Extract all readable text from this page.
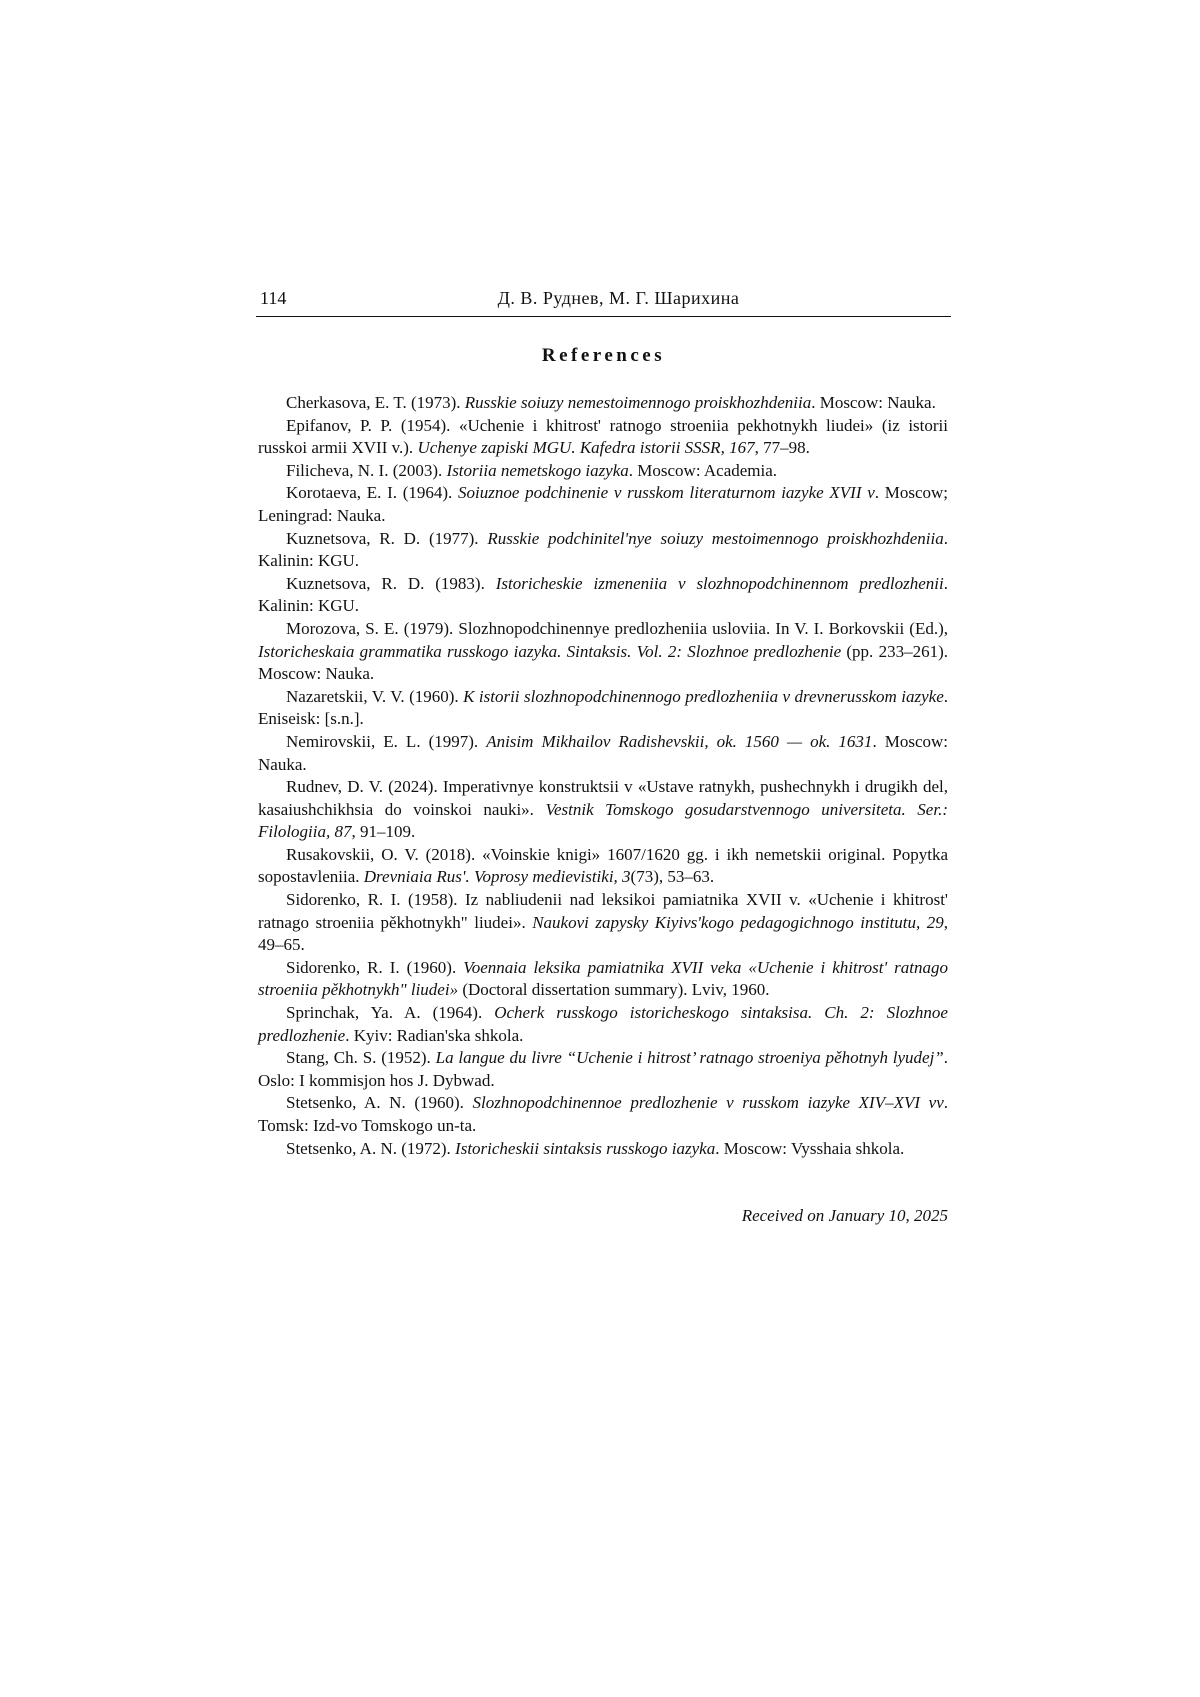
114	Д. В. Руднев, М. Г. Шарихина
References

Cherkasova, E. T. (1973). Russkie soiuzy nemestoimennogo proiskhozhdeniia. Moscow: Nauka.

Epifanov, P. P. (1954). «Uchenie i khitrost' ratnogo stroeniia pekhotnykh liudei» (iz istorii russkoi armii XVII v.). Uchenye zapiski MGU. Kafedra istorii SSSR, 167, 77–98.

Filicheva, N. I. (2003). Istoriia nemetskogo iazyka. Moscow: Academia.

Korotaeva, E. I. (1964). Soiuznoe podchinenie v russkom literaturnom iazyke XVII v. Moscow; Leningrad: Nauka.

Kuznetsova, R. D. (1977). Russkie podchinitel'nye soiuzy mestoimennogo proiskhozhdeniia. Kalinin: KGU.

Kuznetsova, R. D. (1983). Istoricheskie izmeneniia v slozhnopodchinennom predlozhenii. Kalinin: KGU.

Morozova, S. E. (1979). Slozhnopodchinennye predlozheniia usloviia. In V. I. Borkovskii (Ed.), Istoricheskaia grammatika russkogo iazyka. Sintaksis. Vol. 2: Slozhnoe predlozhenie (pp. 233–261). Moscow: Nauka.

Nazaretskii, V. V. (1960). K istorii slozhnopodchinennogo predlozheniia v drevnerusskom iazyke. Eniseisk: [s.n.].

Nemirovskii, E. L. (1997). Anisim Mikhailov Radishevskii, ok. 1560 — ok. 1631. Moscow: Nauka.

Rudnev, D. V. (2024). Imperativnye konstruktsii v «Ustave ratnykh, pushechnykh i drugikh del, kasaiushchikhsia do voinskoi nauki». Vestnik Tomskogo gosudarstvennogo universiteta. Ser.: Filologiia, 87, 91–109.

Rusakovskii, O. V. (2018). «Voinskie knigi» 1607/1620 gg. i ikh nemetskii original. Popytka sopostavleniia. Drevniaia Rus'. Voprosy medievistiki, 3(73), 53–63.

Sidorenko, R. I. (1958). Iz nabliudenii nad leksikoi pamiatnika XVII v. «Uchenie i khitrost' ratnago stroeniia pěkhotnykh" liudei». Naukovi zapysky Kiyivs'kogo pedagogichnogo institutu, 29, 49–65.

Sidorenko, R. I. (1960). Voennaia leksika pamiatnika XVII veka «Uchenie i khitrost' ratnago stroeniia pěkhotnykh" liudei» (Doctoral dissertation summary). Lviv, 1960.

Sprinchak, Ya. A. (1964). Ocherk russkogo istoricheskogo sintaksisa. Ch. 2: Slozhnoe predlozhenie. Kyiv: Radian'ska shkola.

Stang, Ch. S. (1952). La langue du livre “Uchenie i hitrost’ ratnago stroeniya pěhotnyh lyudej”. Oslo: I kommisjon hos J. Dybwad.

Stetsenko, A. N. (1960). Slozhnopodchinennoe predlozhenie v russkom iazyke XIV–XVI vv. Tomsk: Izd-vo Tomskogo un-ta.

Stetsenko, A. N. (1972). Istoricheskii sintaksis russkogo iazyka. Moscow: Vysshaia shkola.

Received on January 10, 2025
